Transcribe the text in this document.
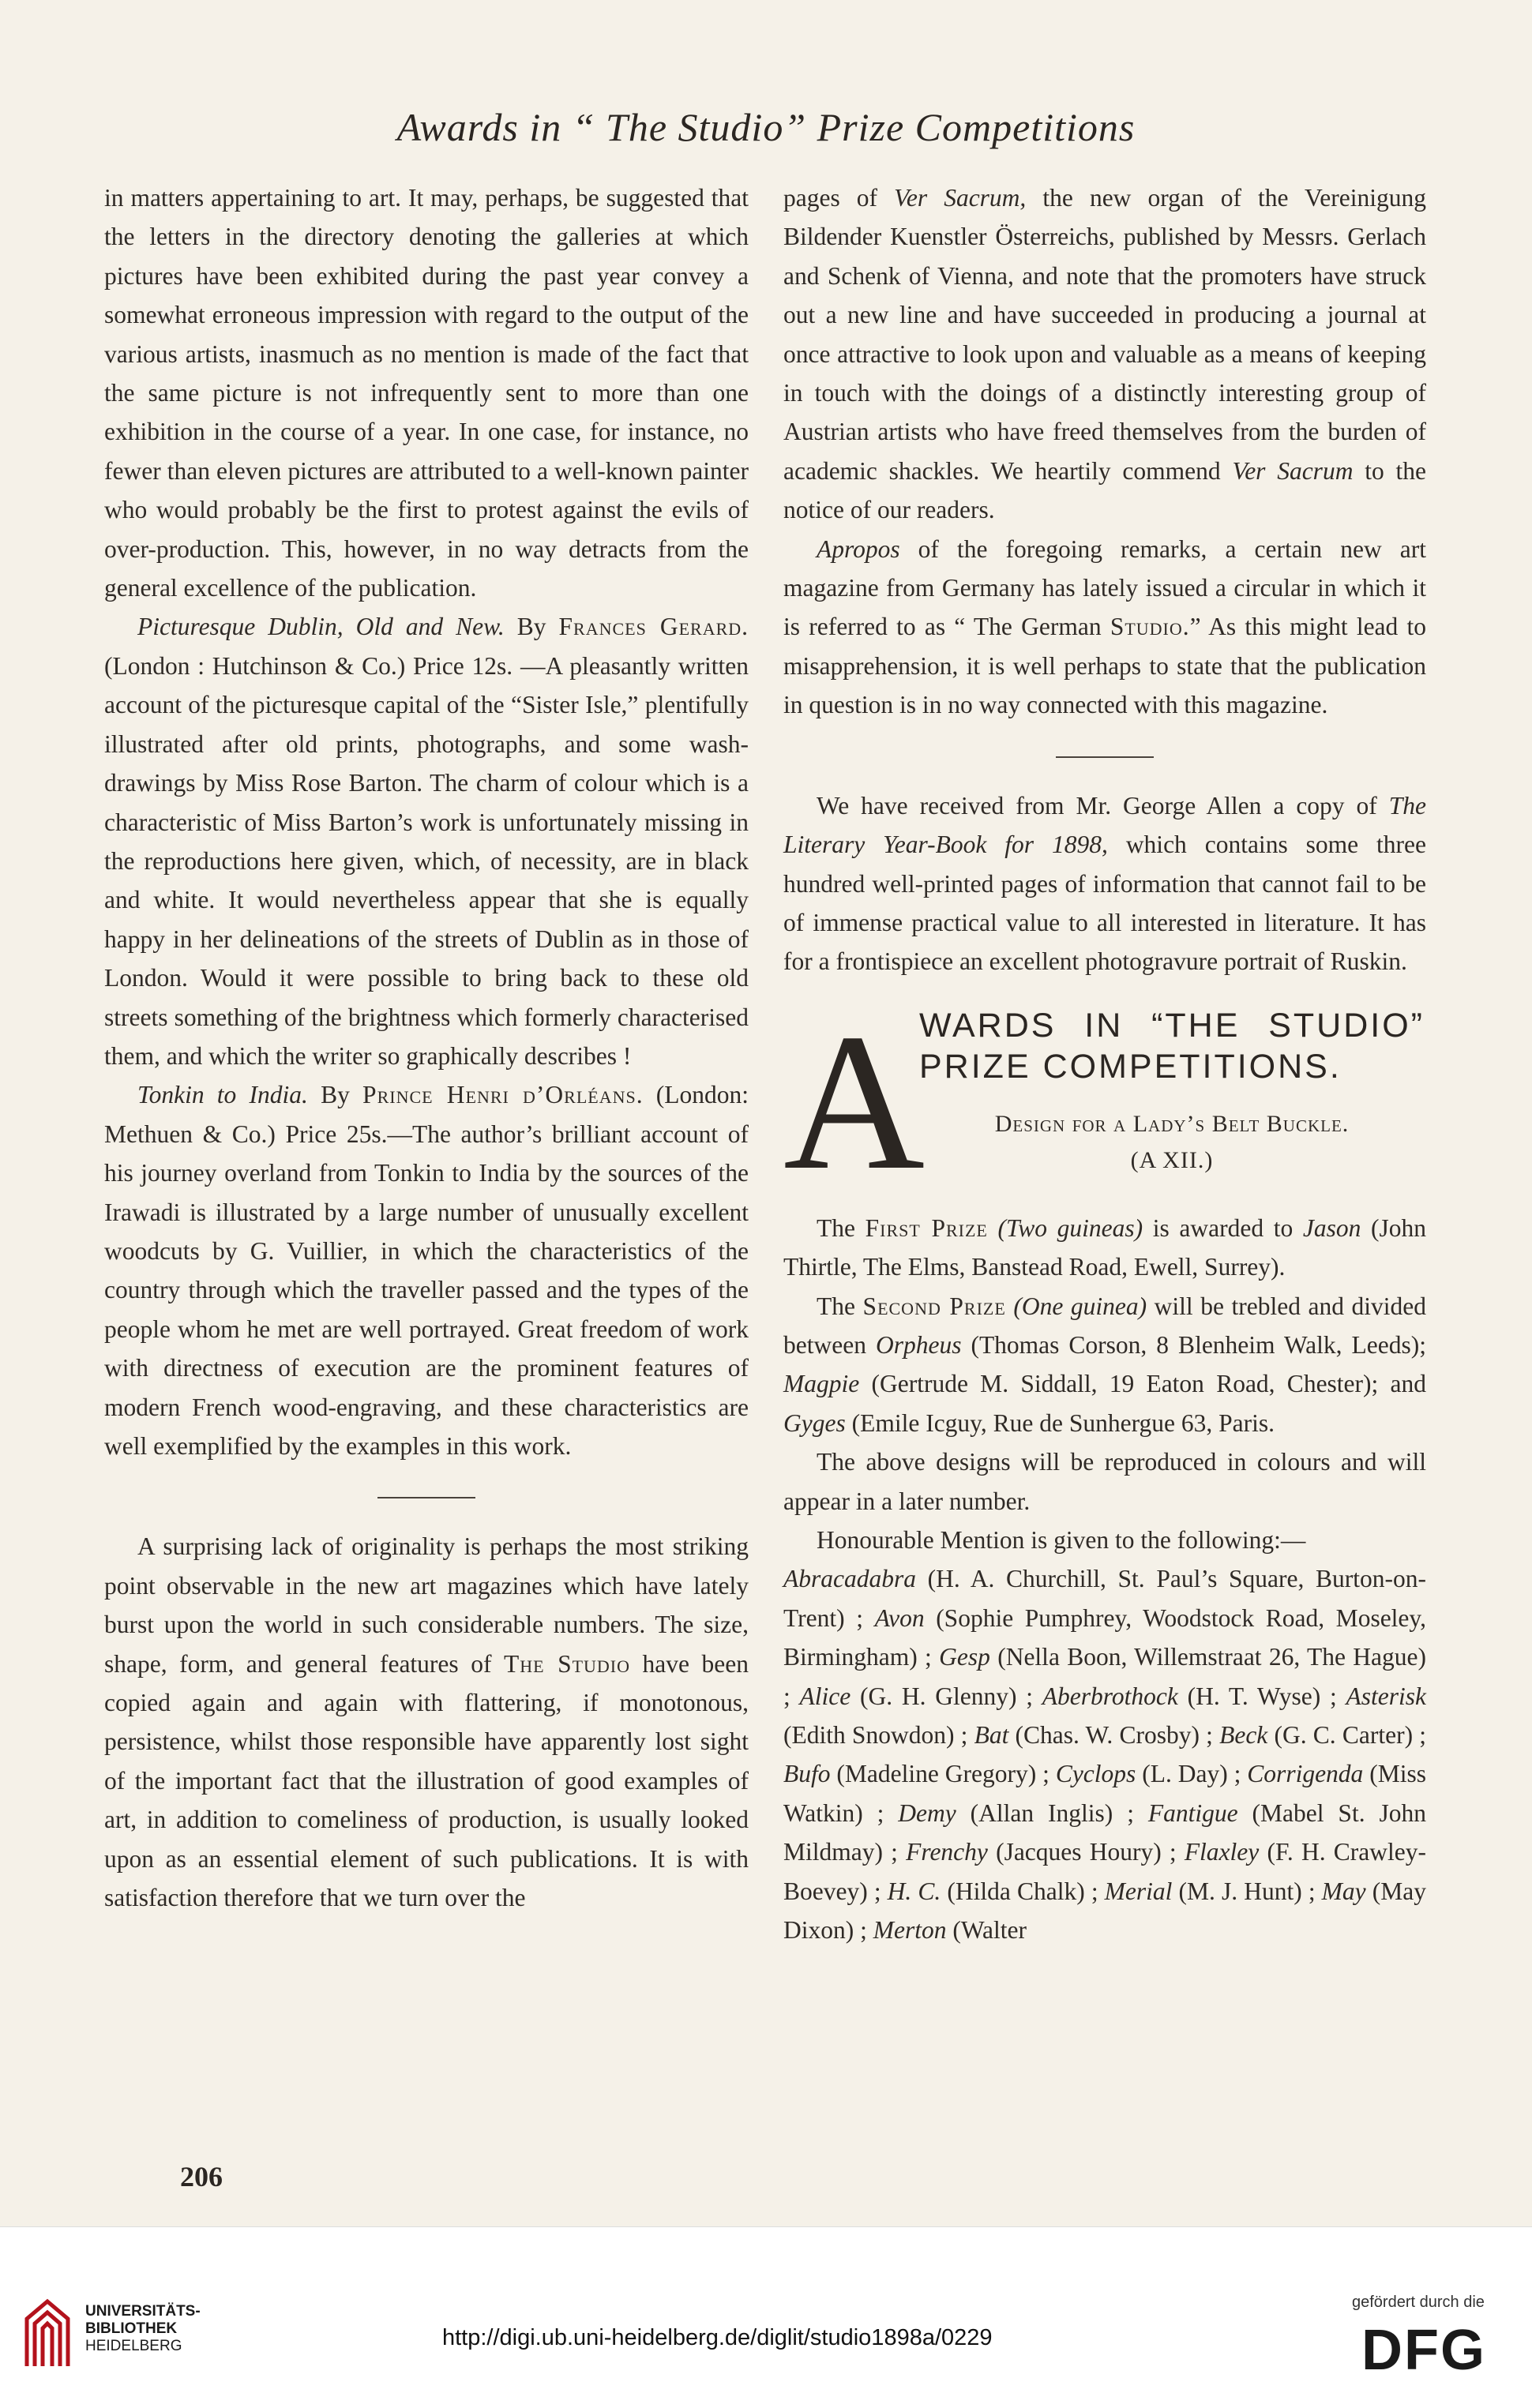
Awards in “ The Studio” Prize Competitions

in matters appertaining to art. It may, perhaps, be suggested that the letters in the directory denoting the galleries at which pictures have been exhibited during the past year convey a somewhat erroneous impression with regard to the output of the various artists, inasmuch as no mention is made of the fact that the same picture is not infrequently sent to more than one exhibition in the course of a year. In one case, for instance, no fewer than eleven pictures are attributed to a well-known painter who would probably be the first to protest against the evils of over-production. This, however, in no way detracts from the general excellence of the publication.

Picturesque Dublin, Old and New. By Frances Gerard. (London : Hutchinson & Co.) Price 12s. —A pleasantly written account of the picturesque capital of the “Sister Isle,” plentifully illustrated after old prints, photographs, and some wash-drawings by Miss Rose Barton. The charm of colour which is a characteristic of Miss Barton’s work is unfortunately missing in the reproductions here given, which, of necessity, are in black and white. It would nevertheless appear that she is equally happy in her delineations of the streets of Dublin as in those of London. Would it were possible to bring back to these old streets something of the brightness which formerly characterised them, and which the writer so graphically describes !

Tonkin to India. By Prince Henri d’Orléans. (London: Methuen & Co.) Price 25s.—The author’s brilliant account of his journey overland from Tonkin to India by the sources of the Irawadi is illustrated by a large number of unusually excellent woodcuts by G. Vuillier, in which the characteristics of the country through which the traveller passed and the types of the people whom he met are well portrayed. Great freedom of work with directness of execution are the prominent features of modern French wood-engraving, and these characteristics are well exemplified by the examples in this work.

A surprising lack of originality is perhaps the most striking point observable in the new art magazines which have lately burst upon the world in such considerable numbers. The size, shape, form, and general features of The Studio have been copied again and again with flattering, if monotonous, persistence, whilst those responsible have apparently lost sight of the important fact that the illustration of good examples of art, in addition to comeliness of production, is usually looked upon as an essential element of such publications. It is with satisfaction therefore that we turn over the

pages of Ver Sacrum, the new organ of the Vereinigung Bildender Kuenstler Österreichs, published by Messrs. Gerlach and Schenk of Vienna, and note that the promoters have struck out a new line and have succeeded in producing a journal at once attractive to look upon and valuable as a means of keeping in touch with the doings of a distinctly interesting group of Austrian artists who have freed themselves from the burden of academic shackles. We heartily commend Ver Sacrum to the notice of our readers.

Apropos of the foregoing remarks, a certain new art magazine from Germany has lately issued a circular in which it is referred to as “ The German Studio.” As this might lead to misapprehension, it is well perhaps to state that the publication in question is in no way connected with this magazine.

We have received from Mr. George Allen a copy of The Literary Year-Book for 1898, which contains some three hundred well-printed pages of information that cannot fail to be of immense practical value to all interested in literature. It has for a frontispiece an excellent photogravure portrait of Ruskin.

A
WARDS IN “THE STUDIO” PRIZE COMPETITIONS.
Design for a Lady’s Belt Buckle.
(A XII.)

The First Prize (Two guineas) is awarded to Jason (John Thirtle, The Elms, Banstead Road, Ewell, Surrey).

The Second Prize (One guinea) will be trebled and divided between Orpheus (Thomas Corson, 8 Blenheim Walk, Leeds); Magpie (Gertrude M. Siddall, 19 Eaton Road, Chester); and Gyges (Emile Icguy, Rue de Sunhergue 63, Paris.

The above designs will be reproduced in colours and will appear in a later number.

Honourable Mention is given to the following:—

Abracadabra (H. A. Churchill, St. Paul’s Square, Burton-on-Trent) ; Avon (Sophie Pumphrey, Woodstock Road, Moseley, Birmingham) ; Gesp (Nella Boon, Willemstraat 26, The Hague) ; Alice (G. H. Glenny) ; Aberbrothock (H. T. Wyse) ; Asterisk (Edith Snowdon) ; Bat (Chas. W. Crosby) ; Beck (G. C. Carter) ; Bufo (Madeline Gregory) ; Cyclops (L. Day) ; Corrigenda (Miss Watkin) ; Demy (Allan Inglis) ; Fantigue (Mabel St. John Mildmay) ; Frenchy (Jacques Houry) ; Flaxley (F. H. Crawley-Boevey) ; H. C. (Hilda Chalk) ; Merial (M. J. Hunt) ; May (May Dixon) ; Merton (Walter

206
UNIVERSITÄTS-
BIBLIOTHEK
HEIDELBERG	http://digi.ub.uni-heidelberg.de/diglit/studio1898a/0229
gefördert durch die
DFG
